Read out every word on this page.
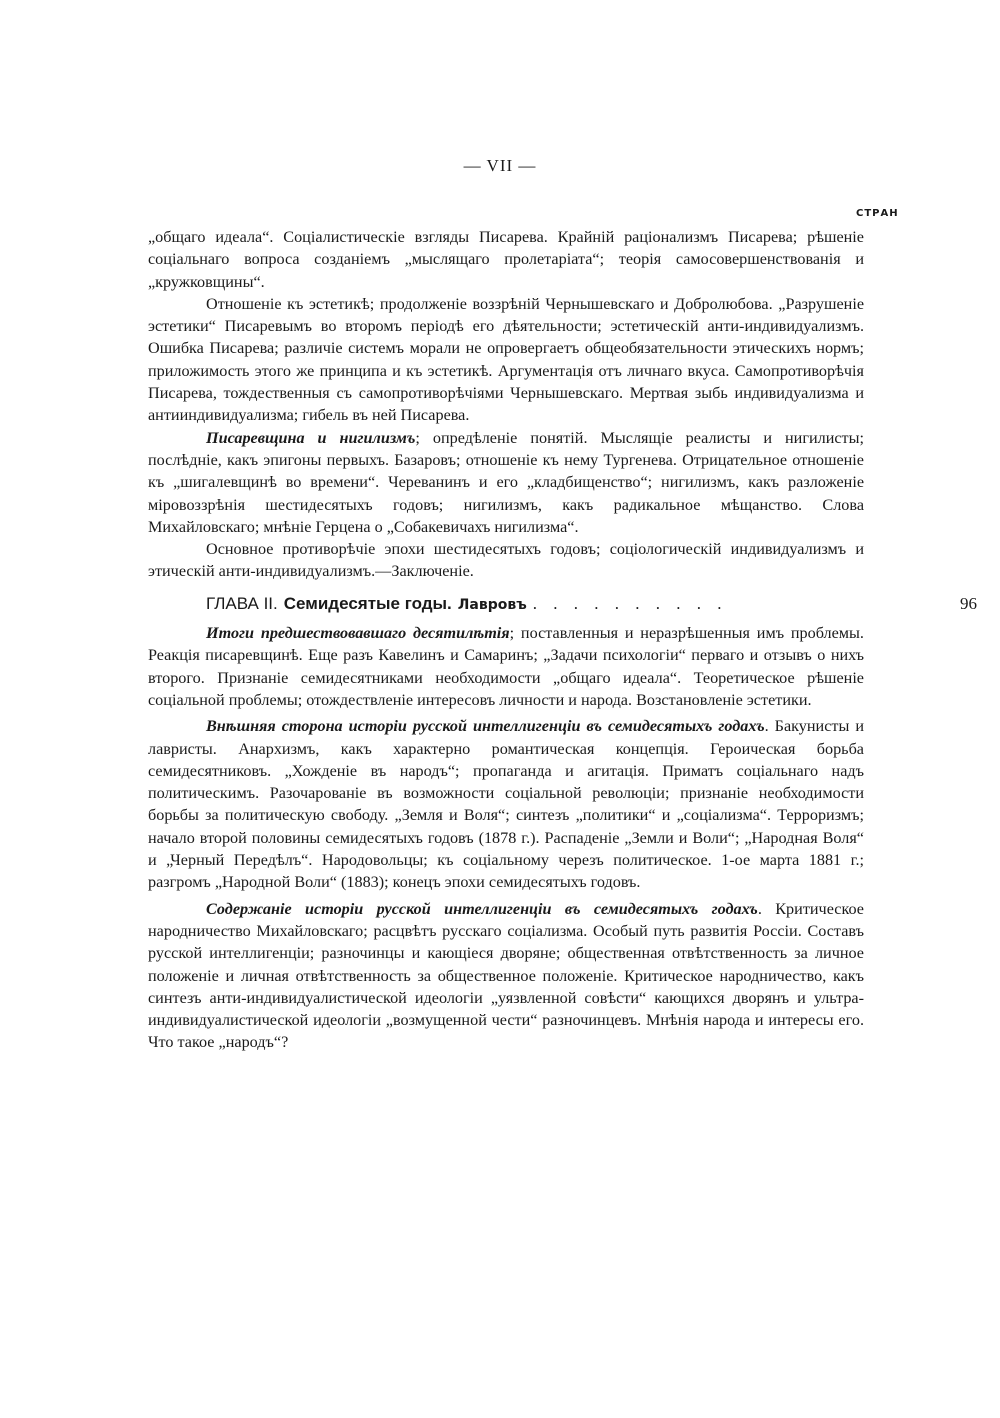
— VII —
СТРАН

„общаго идеала“. Соціалистическіе взгляды Писарева. Крайній раціонализмъ Писарева; рѣшеніе соціальнаго вопроса созданіемъ „мыслящаго пролетаріата“; теорія самосовершенствованія и „кружковщины“.

Отношеніе къ эстетикѣ; продолженіе воззрѣній Чернышевскаго и Добролюбова. „Разрушеніе эстетики“ Писаревымъ во второмъ періодѣ его дѣятельности; эстетическій анти-индивидуализмъ. Ошибка Писарева; различіе системъ морали не опровергаетъ общеобязательности этическихъ нормъ; приложимость этого же принципа и къ эстетикѣ. Аргументація отъ личнаго вкуса. Самопротиворѣчія Писарева, тождественныя съ самопротиворѣчіями Чернышевскаго. Мертвая зыбь индивидуализма и антииндивидуализма; гибель въ ней Писарева.

Писаревщина и нигилизмъ; опредѣленіе понятій. Мыслящіе реалисты и нигилисты; послѣдніе, какъ эпигоны первыхъ. Базаровъ; отношеніе къ нему Тургенева. Отрицательное отношеніе къ „шигалевщинѣ во времени“. Череванинъ и его „кладбищенство“; нигилизмъ, какъ разложеніе міровоззрѣнія шестидесятыхъ годовъ; нигилизмъ, какъ радикальное мѣщанство. Слова Михайловскаго; мнѣніе Герцена о „Собакевичахъ нигилизма“.

Основное противорѣчіе эпохи шестидесятыхъ годовъ; соціологическій индивидуализмъ и этическій анти-индивидуализмъ.—Заключеніе.

ГЛАВА II. Семидесятые годы. Лавровъ . . . . . . . . . .	96

Итоги предшествовавшаго десятилѣтія; поставленныя и неразрѣшенныя имъ проблемы. Реакція писаревщинѣ. Еще разъ Кавелинъ и Самаринъ; „Задачи психологіи“ перваго и отзывъ о нихъ второго. Признаніе семидесятниками необходимости „общаго идеала“. Теоретическое рѣшеніе соціальной проблемы; отождествленіе интересовъ личности и народа. Возстановленіе эстетики.

Внѣшняя сторона исторіи русской интеллигенціи въ семидесятыхъ годахъ. Бакунисты и лавристы. Анархизмъ, какъ характерно романтическая концепція. Героическая борьба семидесятниковъ. „Хожденіе въ народъ“; пропаганда и агитація. Приматъ соціальнаго надъ политическимъ. Разочарованіе въ возможности соціальной революціи; признаніе необходимости борьбы за политическую свободу. „Земля и Воля“; синтезъ „политики“ и „соціализма“. Терроризмъ; начало второй половины семидесятыхъ годовъ (1878 г.). Распаденіе „Земли и Воли“; „Народная Воля“ и „Черный Передѣлъ“. Народовольцы; къ соціальному черезъ политическое. 1-ое марта 1881 г.; разгромъ „Народной Воли“ (1883); конецъ эпохи семидесятыхъ годовъ.

Содержаніе исторіи русской интеллигенціи въ семидесятыхъ годахъ. Критическое народничество Михайловскаго; расцвѣтъ русскаго соціализма. Особый путь развитія Россіи. Составъ русской интеллигенціи; разночинцы и кающіеся дворяне; общественная отвѣтственность за личное положеніе и личная отвѣтственность за общественное положеніе. Критическое народничество, какъ синтезъ анти-индивидуалистической идеологіи „уязвленной совѣсти“ кающихся дворянъ и ультра-индивидуалистической идеологіи „возмущенной чести“ разночинцевъ. Мнѣнія народа и интересы его. Что такое „народъ“?
